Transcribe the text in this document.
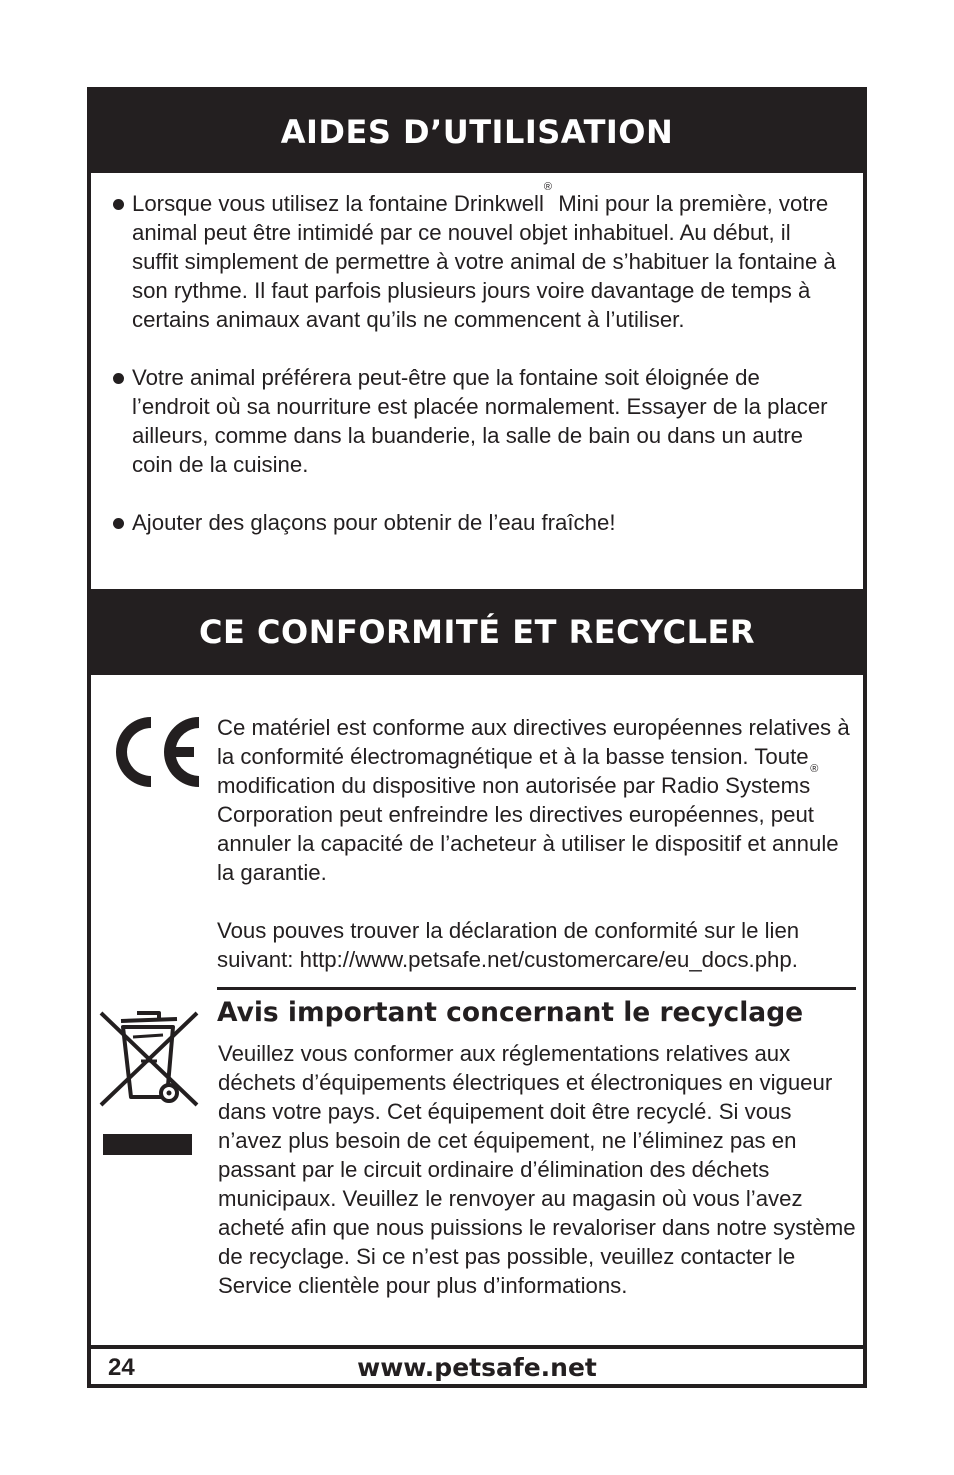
AIDES D’UTILISATION
Lorsque vous utilisez la fontaine Drinkwell® Mini pour la première, votre animal peut être intimidé par ce nouvel objet inhabituel. Au début, il suffit simplement de permettre à votre animal de s’habituer la fontaine à son rythme. Il faut parfois plusieurs jours voire davantage de temps à certains animaux avant qu’ils ne commencent à l’utiliser.
Votre animal préférera peut-être que la fontaine soit éloignée de l’endroit où sa nourriture est placée normalement. Essayer de la placer ailleurs, comme dans la buanderie, la salle de bain ou dans un autre coin de la cuisine.
Ajouter des glaçons pour obtenir de l’eau fraîche!
CE CONFORMITÉ ET RECYCLER

Ce matériel est conforme aux directives européennes relatives à la conformité électromagnétique et à la basse tension. Toute modification du dispositive non autorisée par Radio Systems® Corporation peut enfreindre les directives européennes, peut annuler la capacité de l’acheteur à utiliser le dispositif et annule la garantie.

Vous pouves trouver la déclaration de conformité sur le lien suivant: http://www.petsafe.net/customercare/eu_docs.php.

Avis important concernant le recyclage
Veuillez vous conformer aux réglementations relatives aux déchets d’équipements électriques et électroniques en vigueur dans votre pays. Cet équipement doit être recyclé. Si vous n’avez plus besoin de cet équipement, ne l’éliminez pas en passant par le circuit ordinaire d’élimination des déchets municipaux. Veuillez le renvoyer au magasin où vous l’avez acheté afin que nous puissions le revaloriser dans notre système de recyclage. Si ce n’est pas possible, veuillez contacter le Service clientèle pour plus d’informations.
24	www.petsafe.net
